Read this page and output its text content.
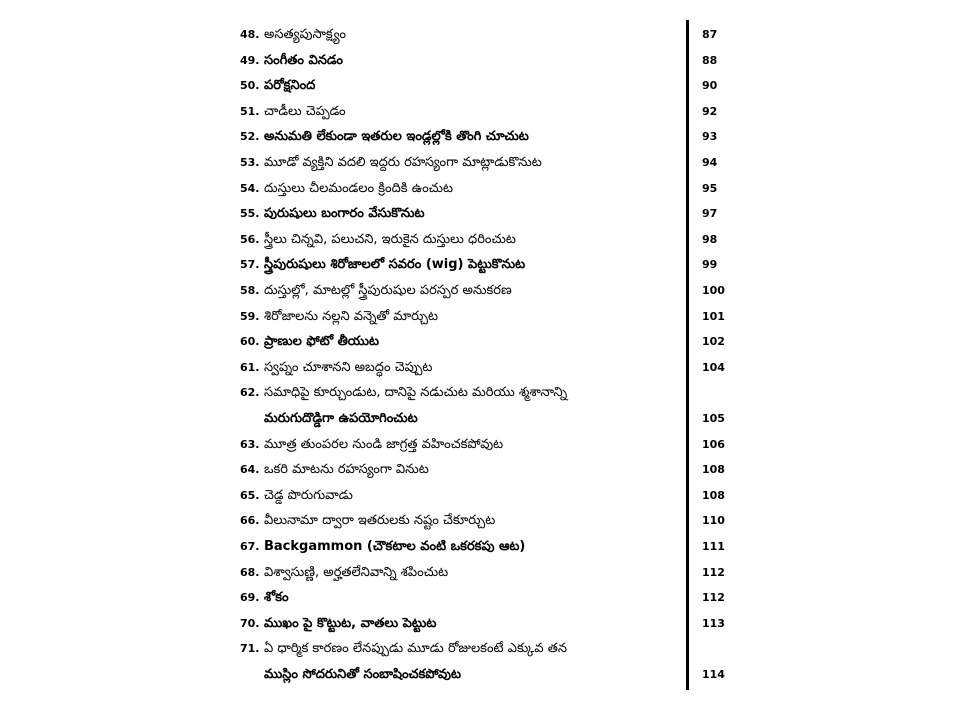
48. అసత్యపుసాక్ష్యం	87
49. సంగీతం వినడం	88
50. పరోక్షనింద	90
51. చాడీలు చెప్పడం	92
52. అనుమతి లేకుండా ఇతరుల ఇండ్లల్లోకి తొంగి చూచుట	93
53. మూడో వ్యక్తిని వదలి ఇద్దరు రహస్యంగా మాట్లాడుకొనుట	94
54. దుస్తులు చీలమండలం క్రిందికి ఉంచుట	95
55. పురుషులు బంగారం వేసుకొనుట	97
56. స్త్రీలు చిన్నవి, పలుచని, ఇరుకైన దుస్తులు ధరించుట	98
57. స్త్రీపురుషులు శిరోజాలలో సవరం (wig) పెట్టుకొనుట	99
58. దుస్తుల్లో, మాటల్లో స్త్రీపురుషుల పరస్పర అనుకరణ	100
59. శిరోజాలను నల్లని వన్నెతో మార్చుట	101
60. ప్రాణుల ఫోటో తీయుట	102
61. స్వప్నం చూశానని అబద్ధం చెప్పుట	104
62. సమాధిపై కూర్చుండుట, దానిపై నడుచుట మరియు శ్మశానాన్ని
మరుగుదొడ్డిగా ఉపయోగించుట	105
63. మూత్ర తుంపరల నుండి జాగ్రత్త వహించకపోవుట	106
64. ఒకరి మాటను రహస్యంగా వినుట	108
65. చెడ్డ పొరుగువాడు	108
66. వీలునామా ద్వారా ఇతరులకు నష్టం చేకూర్చుట	110
67. Backgammon (చౌకటాల వంటి ఒకరకపు ఆట)	111
68. విశ్వాసుణ్ణి, అర్హతలేనివాన్ని శపించుట	112
69. శోకం	112
70. ముఖం పై కొట్టుట, వాతలు పెట్టుట	113
71. ఏ ధార్మిక కారణం లేనప్పుడు మూడు రోజులకంటే ఎక్కువ తన
ముస్లిం సోదరునితో సంబాషించకపోవుట	114
